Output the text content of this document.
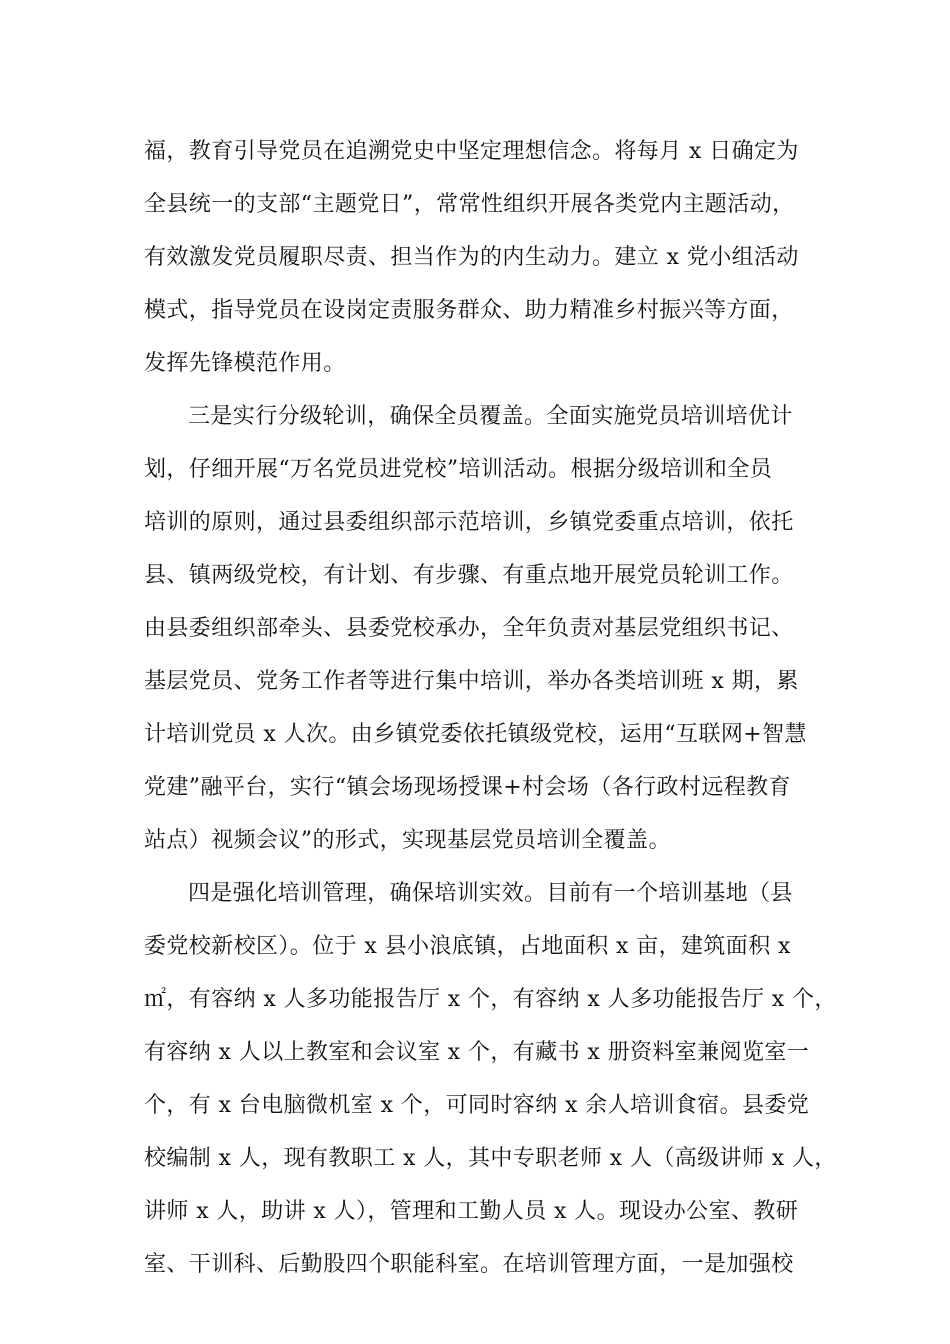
福，教育引导党员在追溯党史中坚定理想信念。将每月 x 日确定为
全县统一的支部“主题党日”，常常性组织开展各类党内主题活动，
有效激发党员履职尽责、担当作为的内生动力。建立 x 党小组活动
模式，指导党员在设岗定责服务群众、助力精准乡村振兴等方面，
发挥先锋模范作用。
三是实行分级轮训，确保全员覆盖。全面实施党员培训培优计
划，仔细开展“万名党员进党校”培训活动。根据分级培训和全员
培训的原则，通过县委组织部示范培训，乡镇党委重点培训，依托
县、镇两级党校，有计划、有步骤、有重点地开展党员轮训工作。
由县委组织部牵头、县委党校承办，全年负责对基层党组织书记、
基层党员、党务工作者等进行集中培训，举办各类培训班 x 期，累
计培训党员 x 人次。由乡镇党委依托镇级党校，运用“互联网+智慧
党建”融平台，实行“镇会场现场授课+村会场（各行政村远程教育
站点）视频会议”的形式，实现基层党员培训全覆盖。
四是强化培训管理，确保培训实效。目前有一个培训基地（县
委党校新校区）。位于 x 县小浪底镇，占地面积 x 亩，建筑面积 x
㎡，有容纳 x 人多功能报告厅 x 个，有容纳 x 人多功能报告厅 x 个，
有容纳 x 人以上教室和会议室 x 个，有藏书 x 册资料室兼阅览室一
个，有 x 台电脑微机室 x 个，可同时容纳 x 余人培训食宿。县委党
校编制 x 人，现有教职工 x 人，其中专职老师 x 人（高级讲师 x 人，
讲师 x 人，助讲 x 人），管理和工勤人员 x 人。现设办公室、教研
室、干训科、后勤股四个职能科室。在培训管理方面，一是加强校
